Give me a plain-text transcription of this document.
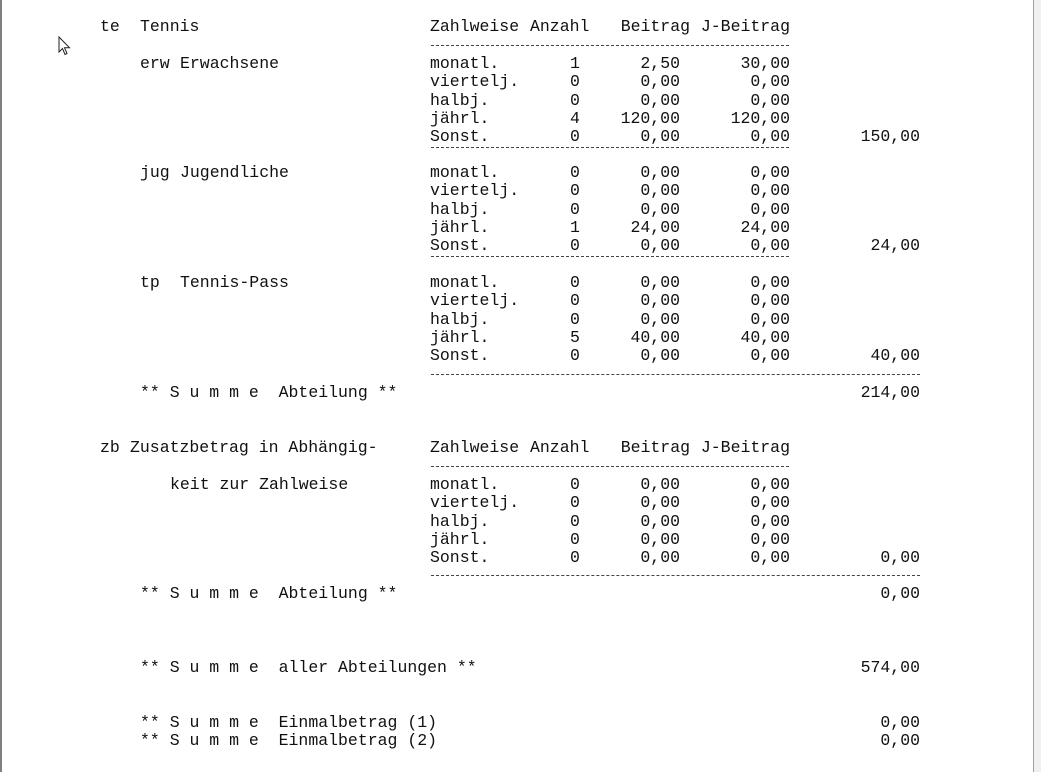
Zahlweise Anzahl	Beitrag J-Beitrag
erw Erwachsene	monatl.	1	2,50	30,00
viertelj.	0	0,00	0,00
halbj.	0	0,00	0,00
jährl.	4	120,00	120,00
Sonst.	0	0,00	0,00	150,00
jug Jugendliche	monatl.	0	0,00	0,00
viertelj.	0	0,00	0,00
halbj.	0	0,00	0,00
jährl.	1	24,00	24,00
Sonst.	0	0,00	0,00	24,00
tp Tennis-Pass	monatl.	0	0,00	0,00
viertelj.	0	0,00	0,00
halbj.	0	0,00	0,00
jährl.	5	40,00	40,00
Sonst.	0	0,00	0,00	40,00
Zahlweise Anzahl	Beitrag J-Beitrag
monatl.	0	0,00	0,00
viertelj.	0	0,00	0,00
halbj.	0	0,00	0,00
jährl.	0	0,00	0,00
Sonst.	0	0,00	0,00	0,00
te Tennis
** S u m m e  Abteilung **	214,00
zb Zusatzbetrag in Abhängig-
keit zur Zahlweise
** S u m m e  Abteilung **	0,00
** S u m m e  aller Abteilungen **	574,00
** S u m m e  Einmalbetrag (1)	0,00
** S u m m e  Einmalbetrag (2)	0,00
